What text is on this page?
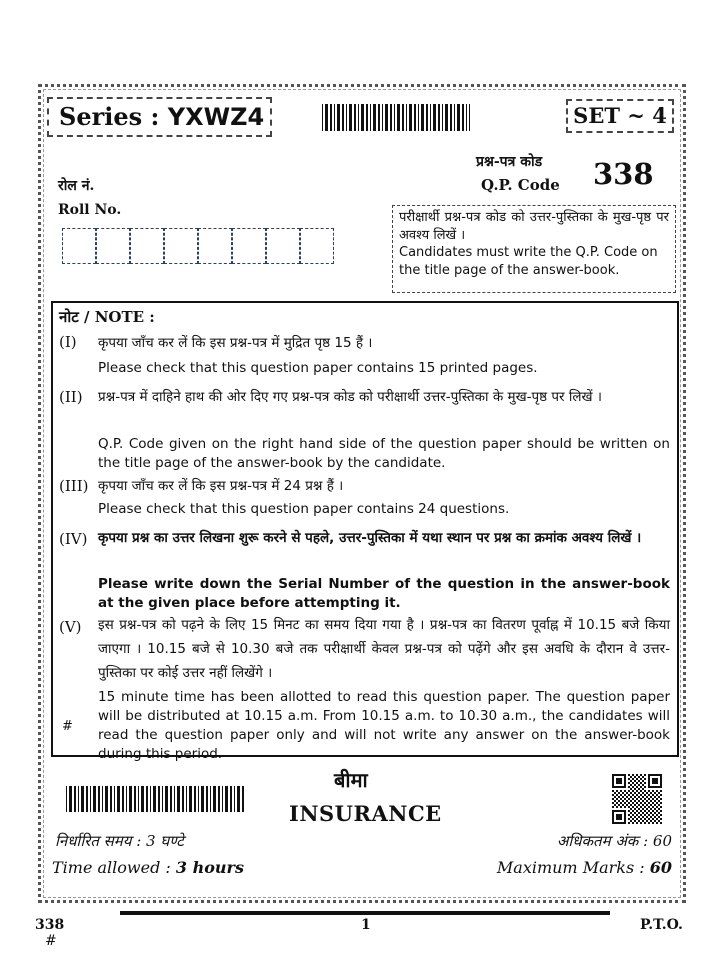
Series : YXWZ4	SET ~ 4
रोल नं.
Roll No.
प्रश्न-पत्र कोड
Q.P. Code 338
परीक्षार्थी प्रश्न-पत्र कोड को उत्तर-पुस्तिका के मुख-पृष्ठ पर अवश्य लिखें ।
Candidates must write the Q.P. Code on the title page of the answer-book.
नोट / NOTE :
(I) कृपया जाँच कर लें कि इस प्रश्न-पत्र में मुद्रित पृष्ठ 15 हैं ।
Please check that this question paper contains 15 printed pages.
(II) प्रश्न-पत्र में दाहिने हाथ की ओर दिए गए प्रश्न-पत्र कोड को परीक्षार्थी उत्तर-पुस्तिका के मुख-पृष्ठ पर लिखें ।
Q.P. Code given on the right hand side of the question paper should be written on the title page of the answer-book by the candidate.
(III) कृपया जाँच कर लें कि इस प्रश्न-पत्र में 24 प्रश्न हैं ।
Please check that this question paper contains 24 questions.
(IV) कृपया प्रश्न का उत्तर लिखना शुरू करने से पहले, उत्तर-पुस्तिका में यथा स्थान पर प्रश्न का क्रमांक अवश्य लिखें ।
Please write down the Serial Number of the question in the answer-book at the given place before attempting it.
(V) इस प्रश्न-पत्र को पढ़ने के लिए 15 मिनट का समय दिया गया है । प्रश्न-पत्र का वितरण पूर्वाह्न में 10.15 बजे किया जाएगा । 10.15 बजे से 10.30 बजे तक परीक्षार्थी केवल प्रश्न-पत्र को पढ़ेंगे और इस अवधि के दौरान वे उत्तर-पुस्तिका पर कोई उत्तर नहीं लिखेंगे ।
15 minute time has been allotted to read this question paper. The question paper will be distributed at 10.15 a.m. From 10.15 a.m. to 10.30 a.m., the candidates will read the question paper only and will not write any answer on the answer-book during this period.
#
बीमा
INSURANCE
निर्धारित समय : 3 घण्टे
Time allowed : 3 hours
अधिकतम अंक : 60
Maximum Marks : 60
338
#
1	P.T.O.
